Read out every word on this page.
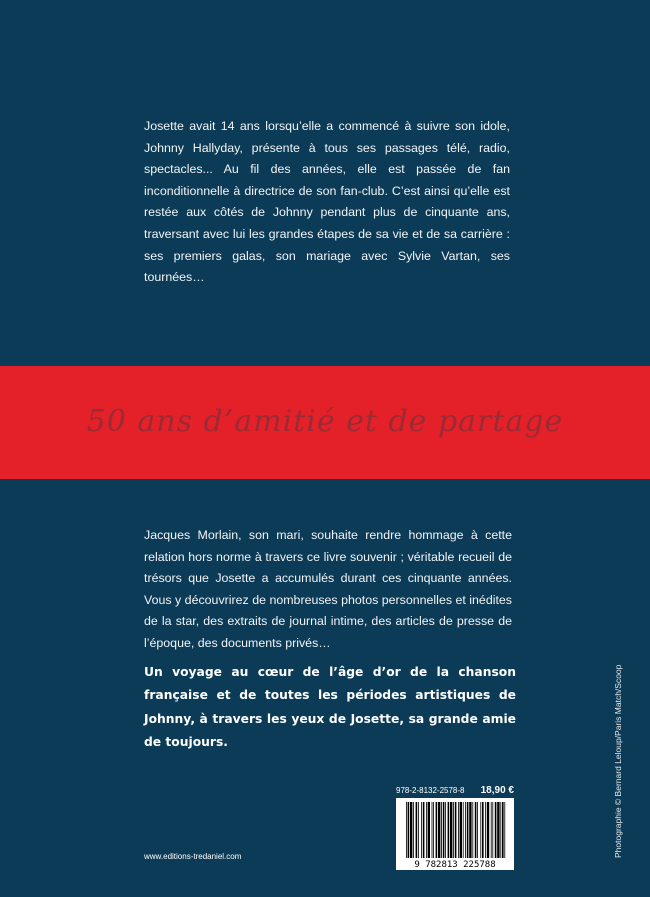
Josette avait 14 ans lorsqu’elle a commencé à suivre son idole, Johnny Hallyday, présente à tous ses passages télé, radio, spectacles... Au fil des années, elle est passée de fan inconditionnelle à directrice de son fan-club. C’est ainsi qu’elle est restée aux côtés de Johnny pendant plus de cinquante ans, traversant avec lui les grandes étapes de sa vie et de sa carrière : ses premiers galas, son mariage avec Sylvie Vartan, ses tournées…

50 ans d’amitié et de partage

Jacques Morlain, son mari, souhaite rendre hommage à cette relation hors norme à travers ce livre souvenir ; véritable recueil de trésors que Josette a accumulés durant ces cinquante années. Vous y découvrirez de nombreuses photos personnelles et inédites de la star, des extraits de journal intime, des articles de presse de l’époque, des documents privés…

Un voyage au cœur de l’âge d’or de la chanson française et de toutes les périodes artistiques de Johnny, à travers les yeux de Josette, sa grande amie de toujours.	Photographie © Bernard Leloup/Paris Match/Scoop
978-2-8132-2578-8 18,90 €
9 782813 225788
www.editions-tredaniel.com
